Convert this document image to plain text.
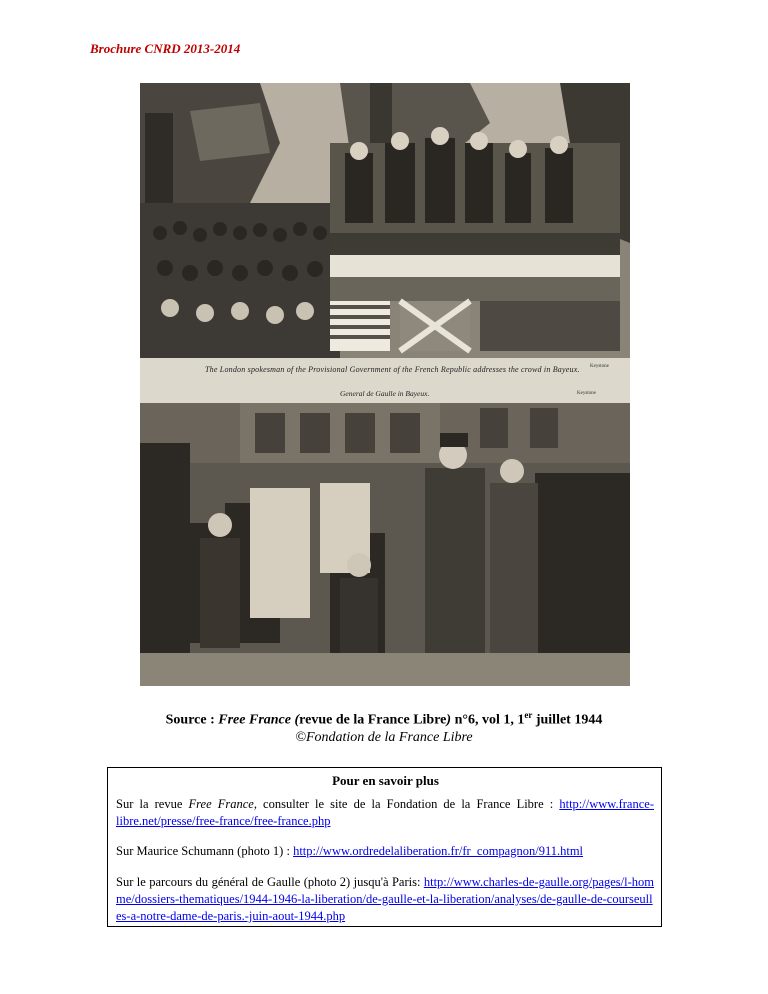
Brochure CNRD 2013-2014
The London spokesman of the Provisional Government of the French Republic addresses the crowd in Bayeux.
General de Gaulle in Bayeux.
Keystone
Keystone
Source : Free France (revue de la France Libre) n°6, vol 1, 1er juillet 1944
©Fondation de la France Libre
Pour en savoir plus
Sur la revue Free France, consulter le site de la Fondation de la France Libre : http://www.france-libre.net/presse/free-france/free-france.php
Sur Maurice Schumann (photo 1) : http://www.ordredelaliberation.fr/fr_compagnon/911.html
Sur le parcours du général de Gaulle (photo 2) jusqu'à Paris: http://www.charles-de-gaulle.org/pages/l-homme/dossiers-thematiques/1944-1946-la-liberation/de-gaulle-et-la-liberation/analyses/de-gaulle-de-courseulles-a-notre-dame-de-paris.-juin-aout-1944.php
